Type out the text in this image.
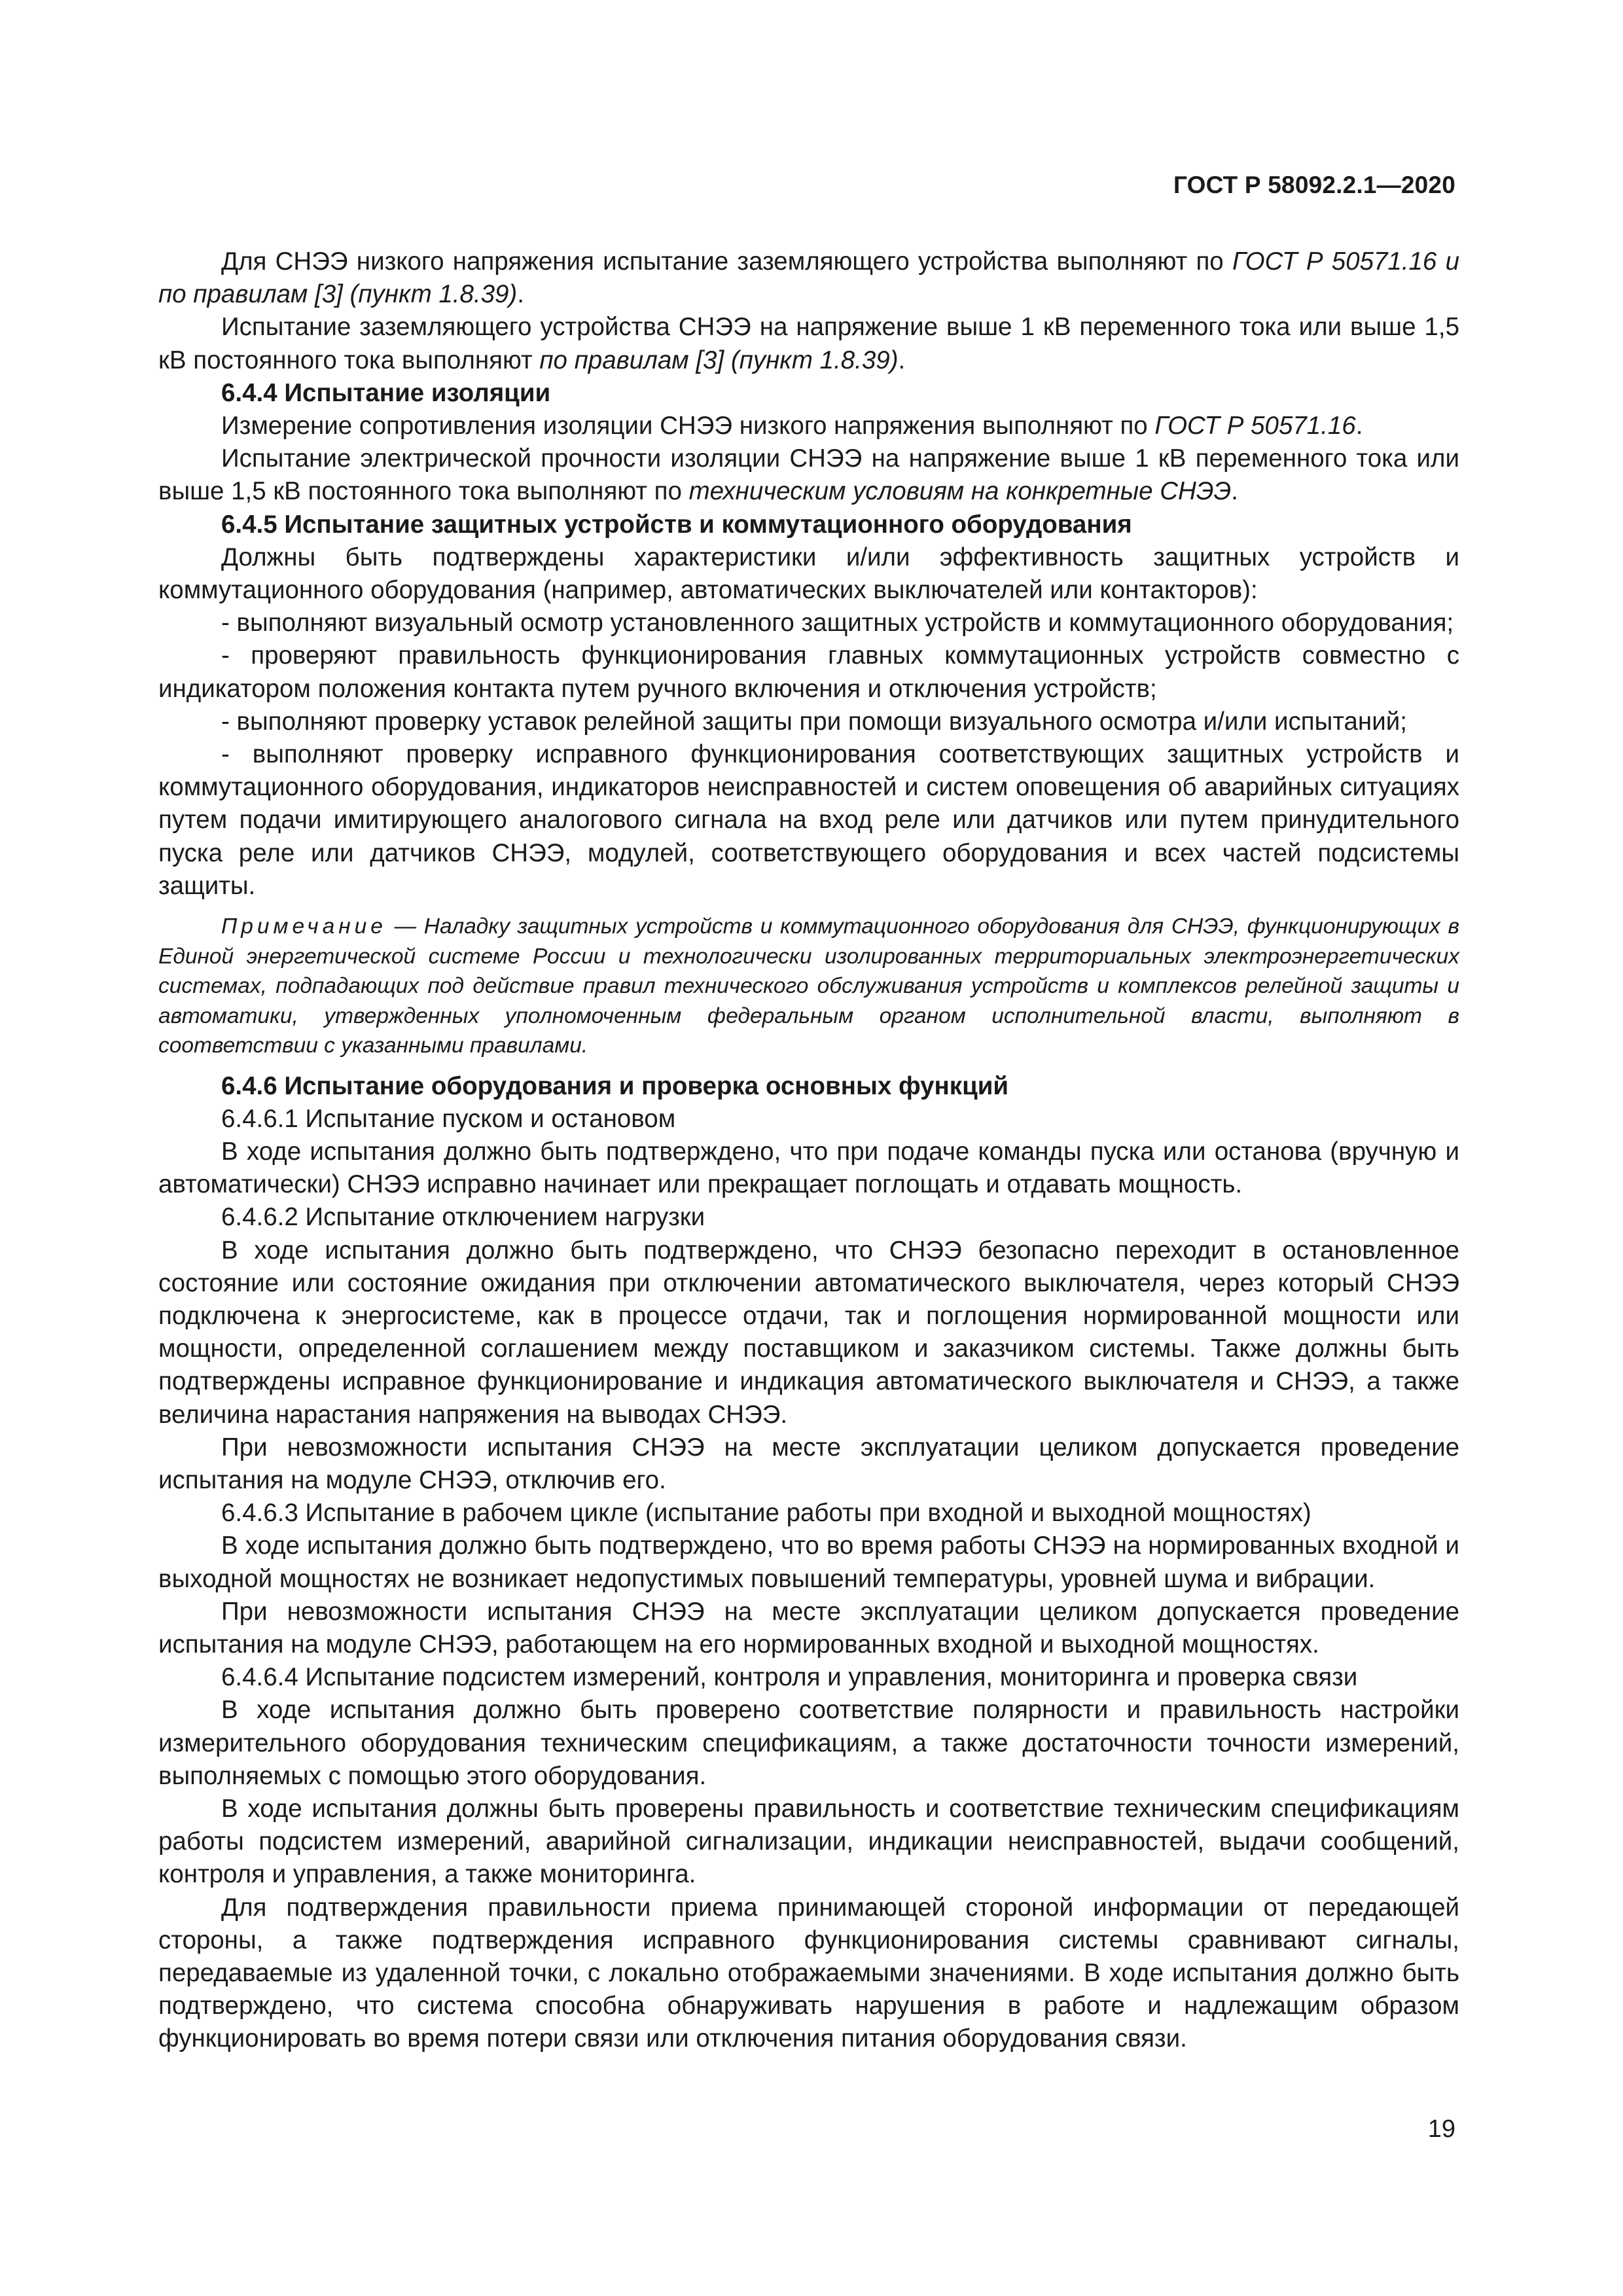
ГОСТ Р 58092.2.1—2020

Для СНЭЭ низкого напряжения испытание заземляющего устройства выполняют по ГОСТ Р 50571.16 и по правилам [3] (пункт 1.8.39).

Испытание заземляющего устройства СНЭЭ на напряжение выше 1 кВ переменного тока или выше 1,5 кВ постоянного тока выполняют по правилам [3] (пункт 1.8.39).

6.4.4 Испытание изоляции

Измерение сопротивления изоляции СНЭЭ низкого напряжения выполняют по ГОСТ Р 50571.16.

Испытание электрической прочности изоляции СНЭЭ на напряжение выше 1 кВ переменного тока или выше 1,5 кВ постоянного тока выполняют по техническим условиям на конкретные СНЭЭ.

6.4.5 Испытание защитных устройств и коммутационного оборудования

Должны быть подтверждены характеристики и/или эффективность защитных устройств и коммутационного оборудования (например, автоматических выключателей или контакторов):

- выполняют визуальный осмотр установленного защитных устройств и коммутационного оборудования;

- проверяют правильность функционирования главных коммутационных устройств совместно с индикатором положения контакта путем ручного включения и отключения устройств;

- выполняют проверку уставок релейной защиты при помощи визуального осмотра и/или испытаний;

- выполняют проверку исправного функционирования соответствующих защитных устройств и коммутационного оборудования, индикаторов неисправностей и систем оповещения об аварийных ситуациях путем подачи имитирующего аналогового сигнала на вход реле или датчиков или путем принудительного пуска реле или датчиков СНЭЭ, модулей, соответствующего оборудования и всех частей подсистемы защиты.

Примечание — Наладку защитных устройств и коммутационного оборудования для СНЭЭ, функционирующих в Единой энергетической системе России и технологически изолированных территориальных электроэнергетических системах, подпадающих под действие правил технического обслуживания устройств и комплексов релейной защиты и автоматики, утвержденных уполномоченным федеральным органом исполнительной власти, выполняют в соответствии с указанными правилами.

6.4.6 Испытание оборудования и проверка основных функций

6.4.6.1 Испытание пуском и остановом

В ходе испытания должно быть подтверждено, что при подаче команды пуска или останова (вручную и автоматически) СНЭЭ исправно начинает или прекращает поглощать и отдавать мощность.

6.4.6.2 Испытание отключением нагрузки

В ходе испытания должно быть подтверждено, что СНЭЭ безопасно переходит в остановленное состояние или состояние ожидания при отключении автоматического выключателя, через который СНЭЭ подключена к энергосистеме, как в процессе отдачи, так и поглощения нормированной мощности или мощности, определенной соглашением между поставщиком и заказчиком системы. Также должны быть подтверждены исправное функционирование и индикация автоматического выключателя и СНЭЭ, а также величина нарастания напряжения на выводах СНЭЭ.

При невозможности испытания СНЭЭ на месте эксплуатации целиком допускается проведение испытания на модуле СНЭЭ, отключив его.

6.4.6.3 Испытание в рабочем цикле (испытание работы при входной и выходной мощностях)

В ходе испытания должно быть подтверждено, что во время работы СНЭЭ на нормированных входной и выходной мощностях не возникает недопустимых повышений температуры, уровней шума и вибрации.

При невозможности испытания СНЭЭ на месте эксплуатации целиком допускается проведение испытания на модуле СНЭЭ, работающем на его нормированных входной и выходной мощностях.

6.4.6.4 Испытание подсистем измерений, контроля и управления, мониторинга и проверка связи

В ходе испытания должно быть проверено соответствие полярности и правильность настройки измерительного оборудования техническим спецификациям, а также достаточности точности измерений, выполняемых с помощью этого оборудования.

В ходе испытания должны быть проверены правильность и соответствие техническим спецификациям работы подсистем измерений, аварийной сигнализации, индикации неисправностей, выдачи сообщений, контроля и управления, а также мониторинга.

Для подтверждения правильности приема принимающей стороной информации от передающей стороны, а также подтверждения исправного функционирования системы сравнивают сигналы, передаваемые из удаленной точки, с локально отображаемыми значениями. В ходе испытания должно быть подтверждено, что система способна обнаруживать нарушения в работе и надлежащим образом функционировать во время потери связи или отключения питания оборудования связи.

19
